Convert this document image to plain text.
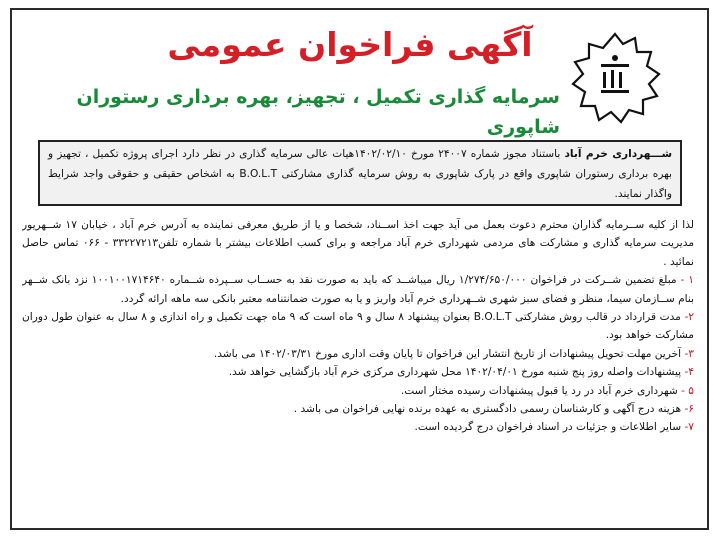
آگهی فراخوان عمومی
سرمایه گذاری تکمیل ، تجهیز، بهره برداری رستوران شاپوری
شـــهرداری خرم آباد باستناد مجوز شماره ۲۴۰۰۷ مورخ ۱۴۰۲/۰۲/۱۰هیات عالی سرمایه گذاری در نظر دارد اجرای پروژه تکمیل ، تجهیز و بهره برداری رستوران شاپوری واقع در پارک شاپوری به روش سرمایه گذاری مشارکتی B.O.L.T به اشخاص حقیقی و حقوقی واجد شرایط واگذار نمایند.

لذا از کلیه ســرمایه گذاران محترم دعوت بعمل می آید جهت اخذ اســناد، شخصا و یا از طریق معرفی نماینده به آدرس خرم آباد ، خیابان ۱۷ شــهریور مدیریت سرمایه گذاری و مشارکت های مردمی شهرداری خرم آباد مراجعه و برای کسب اطلاعات بیشتر با شماره تلفن۳۳۲۲۷۲۱۳ - ۰۶۶ تماس حاصل نمائید .

۱ - مبلغ تضمین شــرکت در فراخوان ۱/۲۷۴/۶۵۰/۰۰۰ ریال میباشــد که باید به صورت نقد به حســاب ســپرده شــماره ۱۰۰۱۰۰۱۷۱۴۶۴۰ نزد بانک شــهر بنام ســازمان سیما، منظر و فضای سبز شهری شــهرداری خرم آباد واریز و یا به صورت ضمانتنامه معتبر بانکی سه ماهه ارائه گردد.

۲- مدت قرارداد در قالب روش مشارکتی B.O.L.T بعنوان پیشنهاد ۸ سال و ۹ ماه است که ۹ ماه جهت تکمیل و راه اندازی و ۸ سال به عنوان طول دوران مشارکت خواهد بود.

۳- آخرین مهلت تحویل پیشنهادات از تاریخ انتشار این فراخوان تا پایان وقت اداری مورخ ۱۴۰۲/۰۳/۳۱ می باشد.

۴- پیشنهادات واصله روز پنج شنبه مورخ ۱۴۰۲/۰۴/۰۱ محل شهرداری مرکزی خرم آباد بازگشایی خواهد شد.

۵ - شهرداری خرم آباد در رد یا قبول پیشنهادات رسیده مختار است.

۶- هزینه درج آگهی و کارشناسان رسمی دادگستری به عهده برنده نهایی فراخوان می باشد .

۷- سایر اطلاعات و جزئیات در اسناد فراخوان درج گردیده است.
